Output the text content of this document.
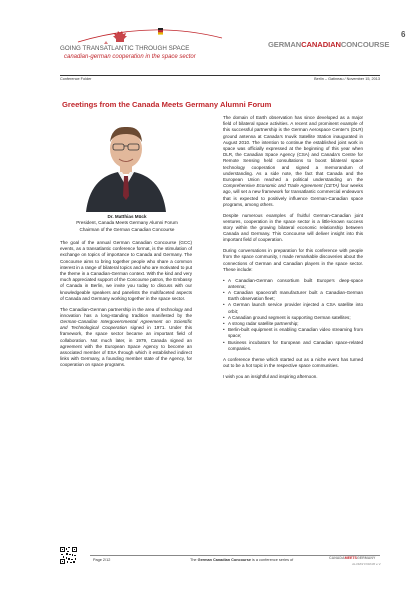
GOING TRANSATLANTIC THROUGH SPACE
canadian-german cooperation in the space sector
GERMANCANADIANCONCOURSE
6
Conference Folder	Berlin – Gatineau / November 15, 2013
Greetings from the Canada Meets Germany Alumni Forum
Dr. Matthias Mück
President, Canada Meets Germany Alumni Forum
Chairman of the German Canadian Concourse

The goal of the annual German Canadian Concourse (GCC) events, as a transatlantic conference format, is the stimulation of exchange on topics of importance to Canada and Germany. The Concourse aims to bring together people who share a common interest in a range of bilateral topics and who are motivated to put the theme in a Canadian-German context. With the kind and very much appreciated support of the Concourse patron, the Embassy of Canada in Berlin, we invite you today to discuss with our knowledgeable speakers and panelists the multifaceted aspects of Canada and Germany working together in the space sector.

The Canadian-German partnership in the area of technology and innovation has a long-standing tradition manifested by the German-Canadian Intergovernmental Agreement on Scientific and Technological Cooperation signed in 1971. Under this framework, the space sector became an important field of collaboration. Not much later, in 1979, Canada signed an agreement with the European Space Agency to become an associated member of ESA through which it established indirect links with Germany, a founding member state of the Agency, for cooperation on space programs.

The domain of Earth observation has since developed as a major field of bilateral space activities. A recent and prominent example of this successful partnership is the German Aerospace Center’s (DLR) ground antenna at Canada’s Inuvik Satellite Station inaugurated in August 2010. The intention to continue the established joint work in space was officially expressed at the beginning of this year when DLR, the Canadian Space Agency (CSA) and Canada’s Centre for Remote Sensing held consultations to boost bilateral space technology cooperation and signed a memorandum of understanding. As a side note, the fact that Canada and the European Union reached a political understanding on the Comprehensive Economic and Trade Agreement (CETA) four weeks ago, will set a new framework for transatlantic commercial endeavors that is expected to positively influence German-Canadian space programs, among others.

Despite numerous examples of fruitful German-Canadian joint ventures, cooperation in the space sector is a little-known success story within the growing bilateral economic relationship between Canada and Germany. This Concourse will deliver insight into this important field of cooperation.

During conversations in preparation for this conference with people from the space community, I made remarkable discoveries about the connections of German and Canadian players in the space sector. These include:

• A Canadian-German consortium built Europe’s deep-space antenna;
• A Canadian spacecraft manufacturer built a Canadian-German Earth observation fleet;
• A German launch service provider injected a CSA satellite into orbit;
• A Canadian ground segment is supporting German satellites;
• A strong radar satellite partnership;
• Berlin-built equipment is enabling Canadian video streaming from space;
• Business incubators for European and Canadian space-related companies.

A conference theme which started out as a niche event has turned out to be a hot topic in the respective space communities.

I wish you an insightful and inspiring afternoon.

Page 2/12	The German Canadian Concourse is a conference series of	CANADAMEETSGERMANY
ALUMNI FORUM e.V.
